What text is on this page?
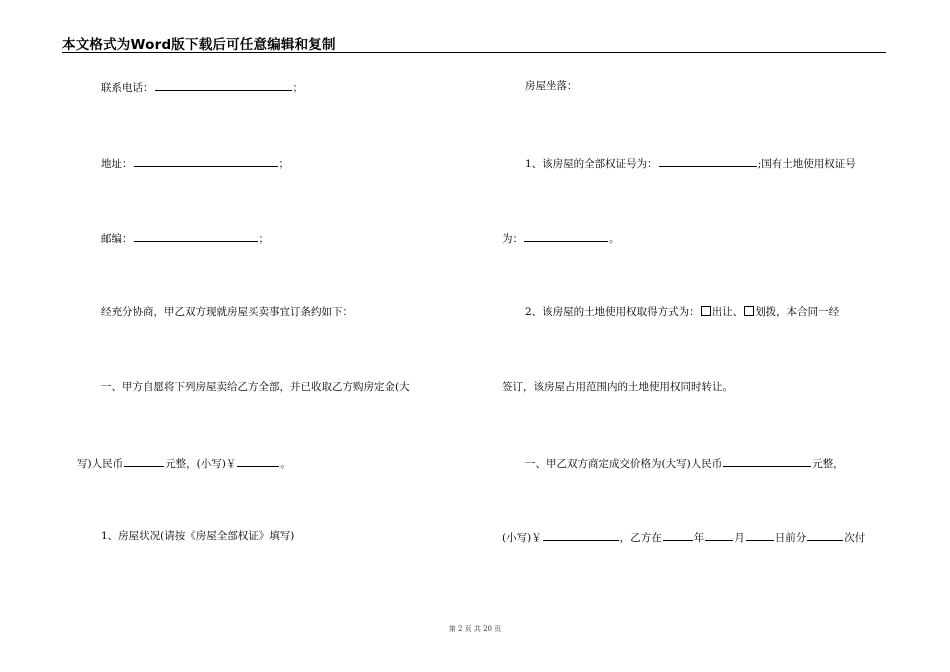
本文格式为Word版下载后可任意编辑和复制
联系电话：	；
地址：	；
邮编：	；
经充分协商，甲乙双方现就房屋买卖事宜订条约如下：
一、甲方自愿将下列房屋卖给乙方全部，并已收取乙方购房定金(大
写)人民币	元整，(小写)￥	。
1、房屋状况(请按《房屋全部权证》填写)
房屋坐落：
1、该房屋的全部权证号为：	;国有土地使用权证号
为：	。
2、该房屋的土地使用权取得方式为： 出让、 划拨，本合同一经
签订，该房屋占用范围内的土地使用权同时转让。
一、甲乙双方商定成交价格为(大写)人民币	元整，
(小写)￥	，乙方在	年	月	日前分	次付
第 2 页 共 20 页
